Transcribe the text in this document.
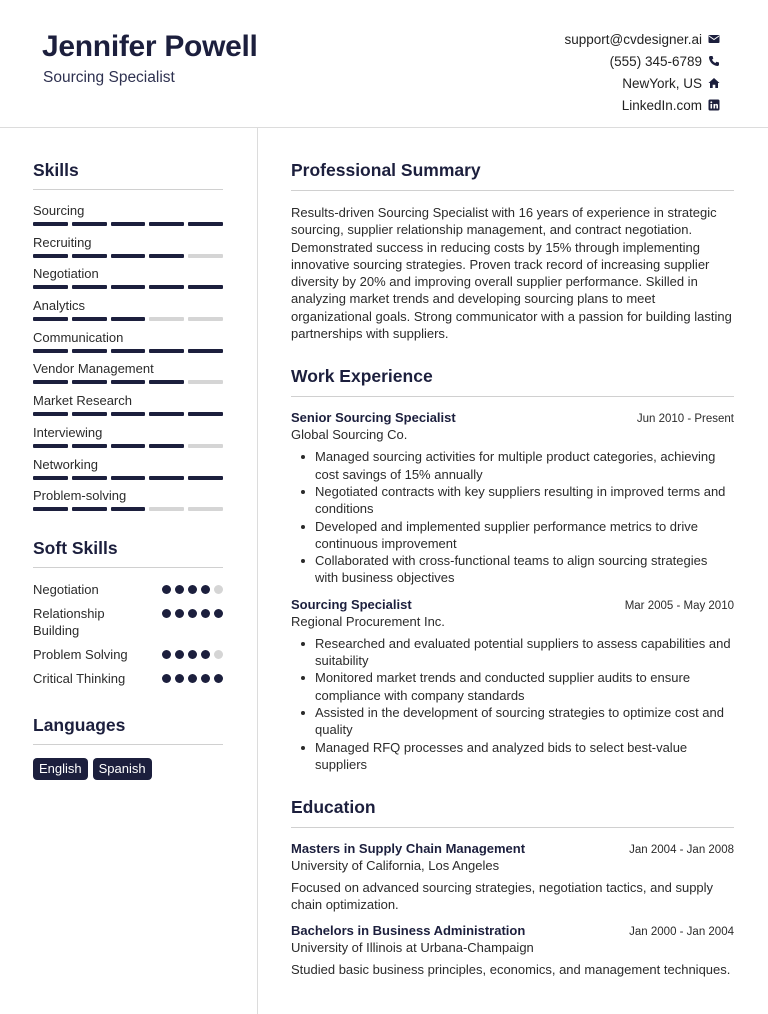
Jennifer Powell
Sourcing Specialist
support@cvdesigner.ai
(555) 345-6789
NewYork, US
LinkedIn.com
Skills
Sourcing
Recruiting
Negotiation
Analytics
Communication
Vendor Management
Market Research
Interviewing
Networking
Problem-solving
Soft Skills
Negotiation
Relationship Building
Problem Solving
Critical Thinking
Languages
English	Spanish
Professional Summary
Results-driven Sourcing Specialist with 16 years of experience in strategic sourcing, supplier relationship management, and contract negotiation. Demonstrated success in reducing costs by 15% through implementing innovative sourcing strategies. Proven track record of increasing supplier diversity by 20% and improving overall supplier performance. Skilled in analyzing market trends and developing sourcing plans to meet organizational goals. Strong communicator with a passion for building lasting partnerships with suppliers.
Work Experience
Senior Sourcing Specialist	Jun 2010 - Present
Global Sourcing Co.
Managed sourcing activities for multiple product categories, achieving cost savings of 15% annually
Negotiated contracts with key suppliers resulting in improved terms and conditions
Developed and implemented supplier performance metrics to drive continuous improvement
Collaborated with cross-functional teams to align sourcing strategies with business objectives
Sourcing Specialist	Mar 2005 - May 2010
Regional Procurement Inc.
Researched and evaluated potential suppliers to assess capabilities and suitability
Monitored market trends and conducted supplier audits to ensure compliance with company standards
Assisted in the development of sourcing strategies to optimize cost and quality
Managed RFQ processes and analyzed bids to select best-value suppliers
Education
Masters in Supply Chain Management	Jan 2004 - Jan 2008
University of California, Los Angeles
Focused on advanced sourcing strategies, negotiation tactics, and supply chain optimization.
Bachelors in Business Administration	Jan 2000 - Jan 2004
University of Illinois at Urbana-Champaign
Studied basic business principles, economics, and management techniques.
